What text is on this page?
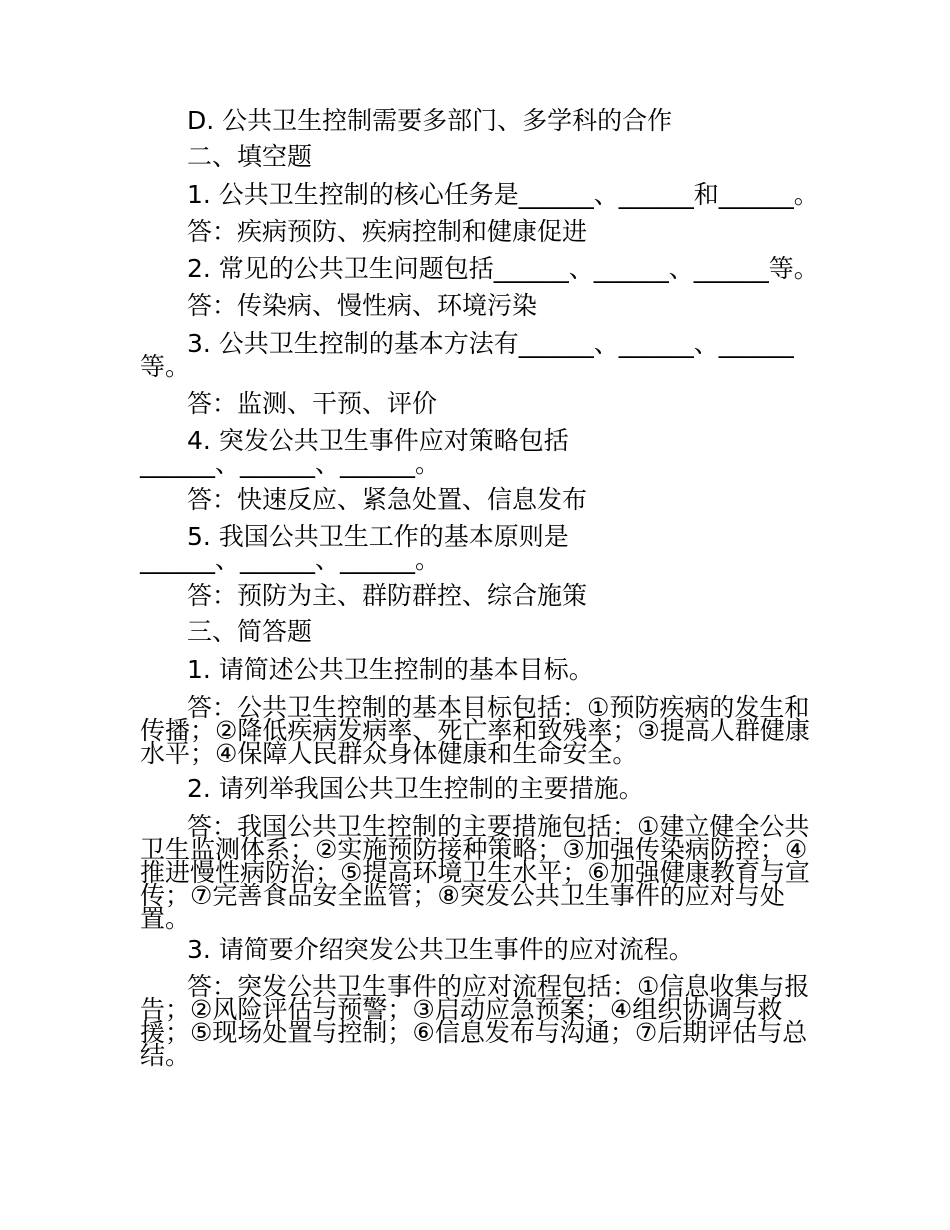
D. 公共卫生控制需要多部门、多学科的合作
二、填空题
1. 公共卫生控制的核心任务是______、______和______。
答：疾病预防、疾病控制和健康促进
2. 常见的公共卫生问题包括______、______、______等。
答：传染病、慢性病、环境污染
3. 公共卫生控制的基本方法有______、______、______
等。
答：监测、干预、评价
4. 突发公共卫生事件应对策略包括
______、______、______。
答：快速反应、紧急处置、信息发布
5. 我国公共卫生工作的基本原则是
______、______、______。
答：预防为主、群防群控、综合施策
三、简答题
1. 请简述公共卫生控制的基本目标。

答：公共卫生控制的基本目标包括：①预防疾病的发生和

传播；②降低疾病发病率、死亡率和致残率；③提高人群健康

水平；④保障人民群众身体健康和生命安全。

2. 请列举我国公共卫生控制的主要措施。

答：我国公共卫生控制的主要措施包括：①建立健全公共

卫生监测体系；②实施预防接种策略；③加强传染病防控；④

推进慢性病防治；⑤提高环境卫生水平；⑥加强健康教育与宣

传；⑦完善食品安全监管；⑧突发公共卫生事件的应对与处

置。

3. 请简要介绍突发公共卫生事件的应对流程。

答：突发公共卫生事件的应对流程包括：①信息收集与报

告；②风险评估与预警；③启动应急预案；④组织协调与救

援；⑤现场处置与控制；⑥信息发布与沟通；⑦后期评估与总

结。
